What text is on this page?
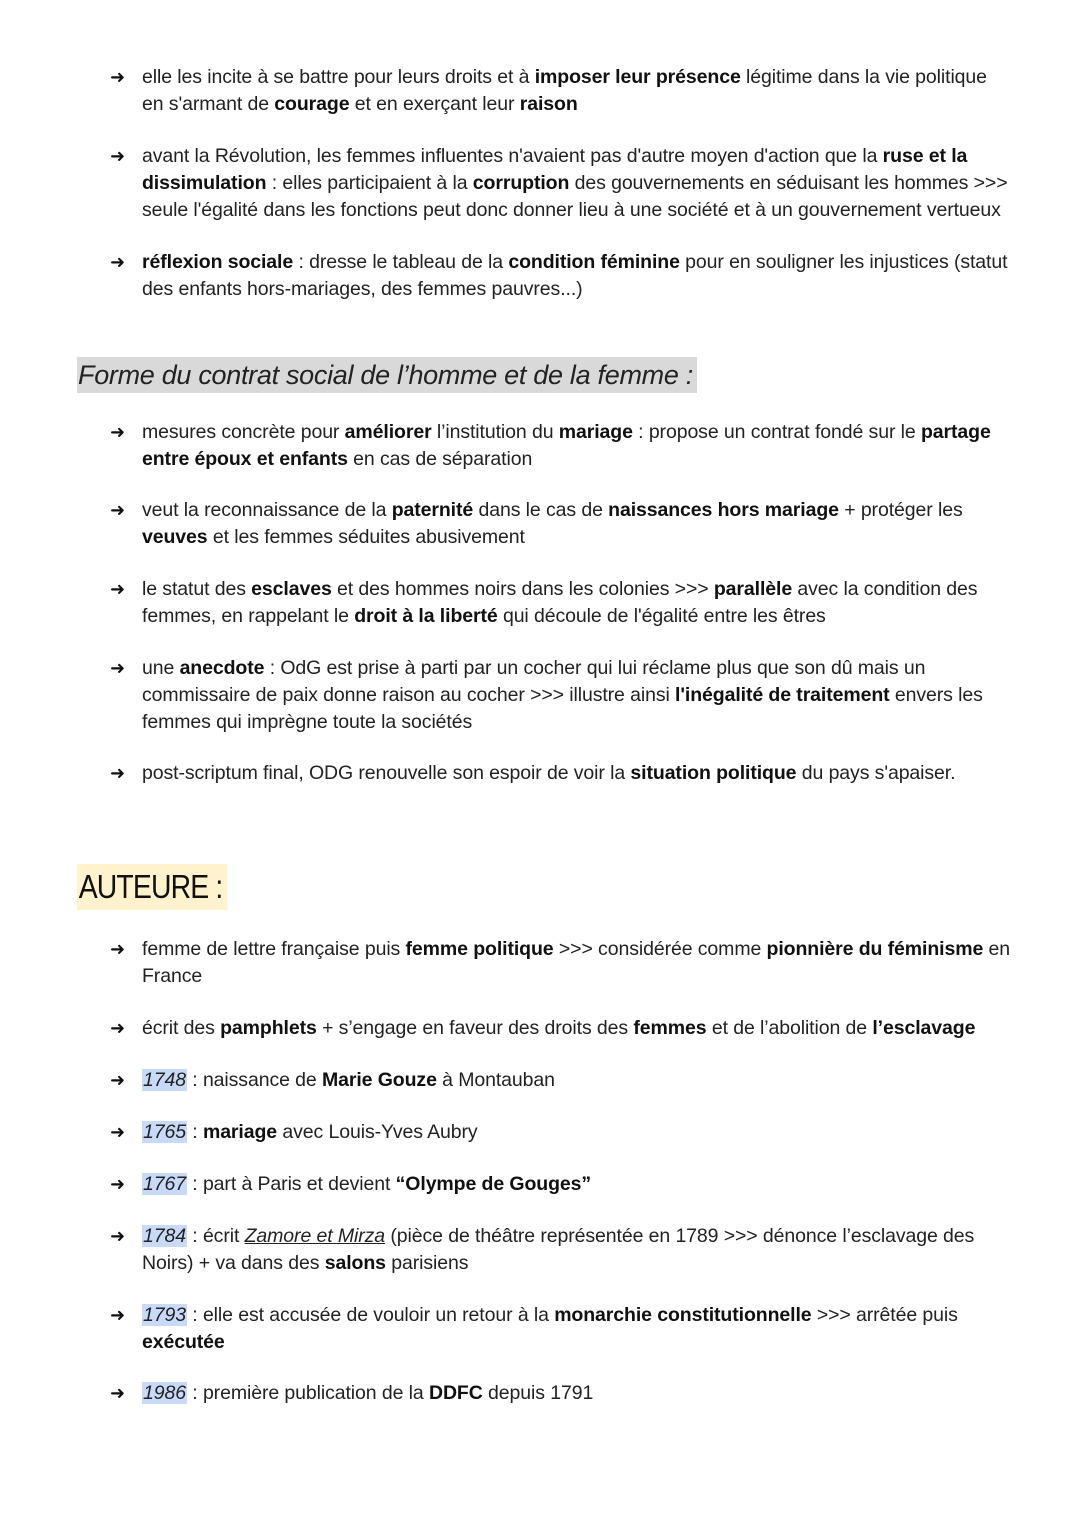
➜ elle les incite à se battre pour leurs droits et à imposer leur présence légitime dans la vie politique en s'armant de courage et en exerçant leur raison
➜ avant la Révolution, les femmes influentes n'avaient pas d'autre moyen d'action que la ruse et la dissimulation : elles participaient à la corruption des gouvernements en séduisant les hommes >>> seule l'égalité dans les fonctions peut donc donner lieu à une société et à un gouvernement vertueux
➜ réflexion sociale : dresse le tableau de la condition féminine pour en souligner les injustices (statut des enfants hors-mariages, des femmes pauvres...)
Forme du contrat social de l’homme et de la femme :
➜ mesures concrète pour améliorer l’institution du mariage : propose un contrat fondé sur le partage entre époux et enfants en cas de séparation
➜ veut la reconnaissance de la paternité dans le cas de naissances hors mariage + protéger les veuves et les femmes séduites abusivement
➜ le statut des esclaves et des hommes noirs dans les colonies >>> parallèle avec la condition des femmes, en rappelant le droit à la liberté qui découle de l'égalité entre les êtres
➜ une anecdote : OdG est prise à parti par un cocher qui lui réclame plus que son dû mais un commissaire de paix donne raison au cocher >>> illustre ainsi l'inégalité de traitement envers les femmes qui imprègne toute la sociétés
➜ post-scriptum final, ODG renouvelle son espoir de voir la situation politique du pays s'apaiser.
AUTEURE :
➜ femme de lettre française puis femme politique >>> considérée comme pionnière du féminisme en France
➜ écrit des pamphlets + s’engage en faveur des droits des femmes et de l’abolition de l’esclavage
➜ 1748 : naissance de Marie Gouze à Montauban
➜ 1765 : mariage avec Louis-Yves Aubry
➜ 1767 : part à Paris et devient “Olympe de Gouges”
➜ 1784 : écrit Zamore et Mirza (pièce de théâtre représentée en 1789 >>> dénonce l’esclavage des Noirs) + va dans des salons parisiens
➜ 1793 : elle est accusée de vouloir un retour à la monarchie constitutionnelle >>> arrêtée puis exécutée
➜ 1986 : première publication de la DDFC depuis 1791
